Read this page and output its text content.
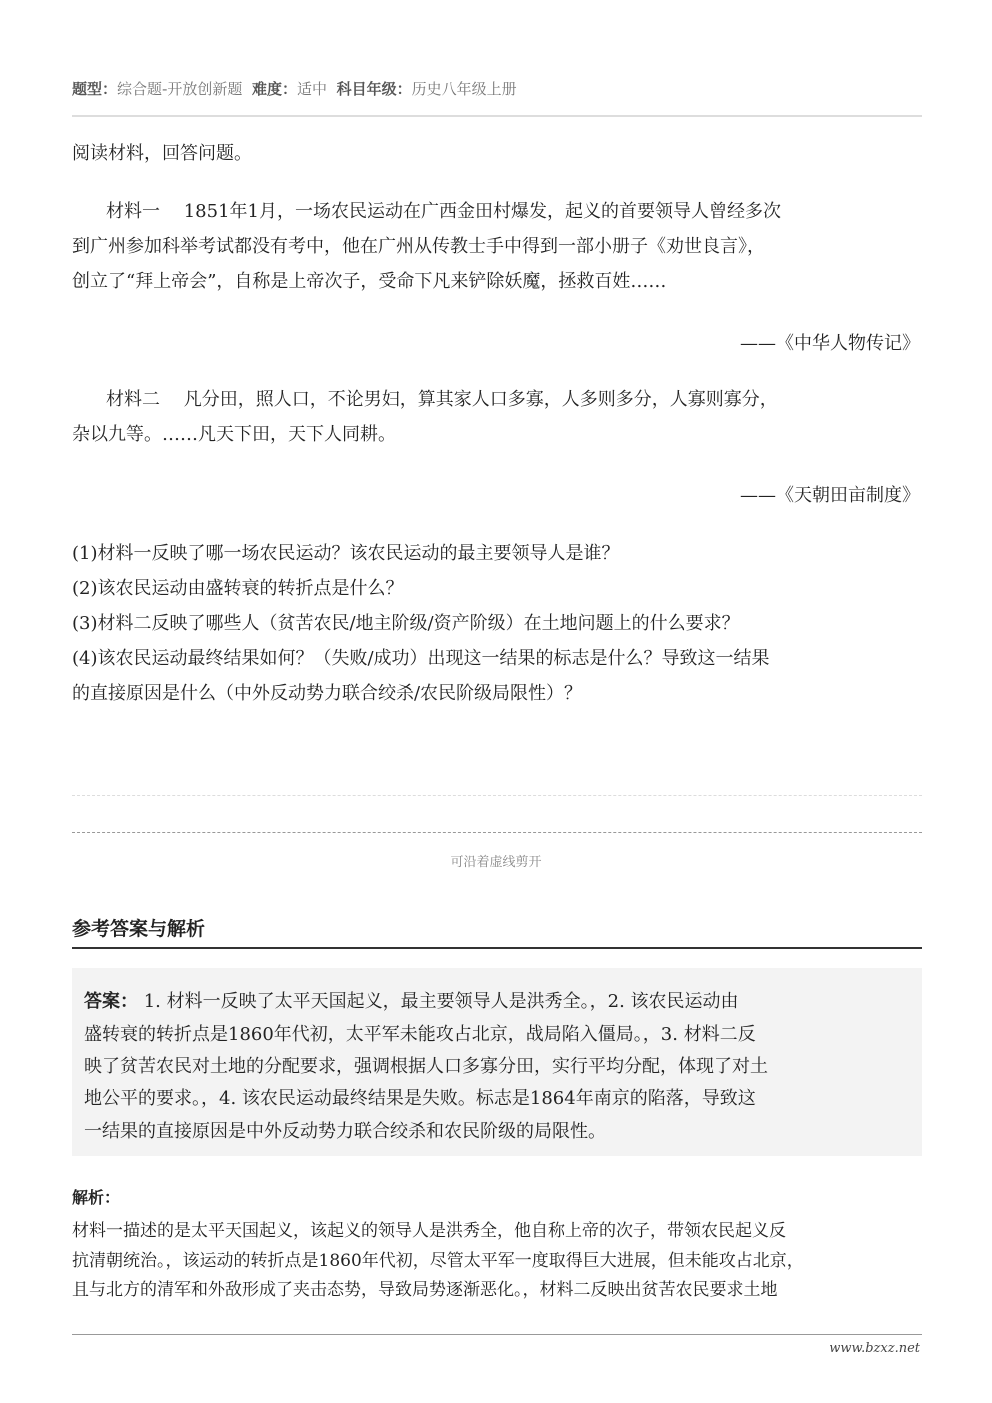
题型：综合题-开放创新题 难度：适中 科目年级：历史八年级上册
阅读材料，回答问题。
材料一　 1851年1月，一场农民运动在广西金田村爆发，起义的首要领导人曾经多次
到广州参加科举考试都没有考中，他在广州从传教士手中得到一部小册子《劝世良言》，
创立了“拜上帝会”，自称是上帝次子，受命下凡来铲除妖魔，拯救百姓……
——《中华人物传记》
材料二　 凡分田，照人口，不论男妇，算其家人口多寡，人多则多分，人寡则寡分，
杂以九等。……凡天下田，天下人同耕。
——《天朝田亩制度》
(1)材料一反映了哪一场农民运动？该农民运动的最主要领导人是谁？
(2)该农民运动由盛转衰的转折点是什么？
(3)材料二反映了哪些人（贫苦农民/地主阶级/资产阶级）在土地问题上的什么要求？
(4)该农民运动最终结果如何？（失败/成功）出现这一结果的标志是什么？导致这一结果
的直接原因是什么（中外反动势力联合绞杀/农民阶级局限性）？
可沿着虚线剪开
参考答案与解析
答案： 1. 材料一反映了太平天国起义，最主要领导人是洪秀全。，2. 该农民运动由
盛转衰的转折点是1860年代初，太平军未能攻占北京，战局陷入僵局。，3. 材料二反
映了贫苦农民对土地的分配要求，强调根据人口多寡分田，实行平均分配，体现了对土
地公平的要求。，4. 该农民运动最终结果是失败。标志是1864年南京的陷落，导致这
一结果的直接原因是中外反动势力联合绞杀和农民阶级的局限性。
解析：
材料一描述的是太平天国起义，该起义的领导人是洪秀全，他自称上帝的次子，带领农民起义反
抗清朝统治。，该运动的转折点是1860年代初，尽管太平军一度取得巨大进展，但未能攻占北京，
且与北方的清军和外敌形成了夹击态势，导致局势逐渐恶化。，材料二反映出贫苦农民要求土地
www.bzxz.net
